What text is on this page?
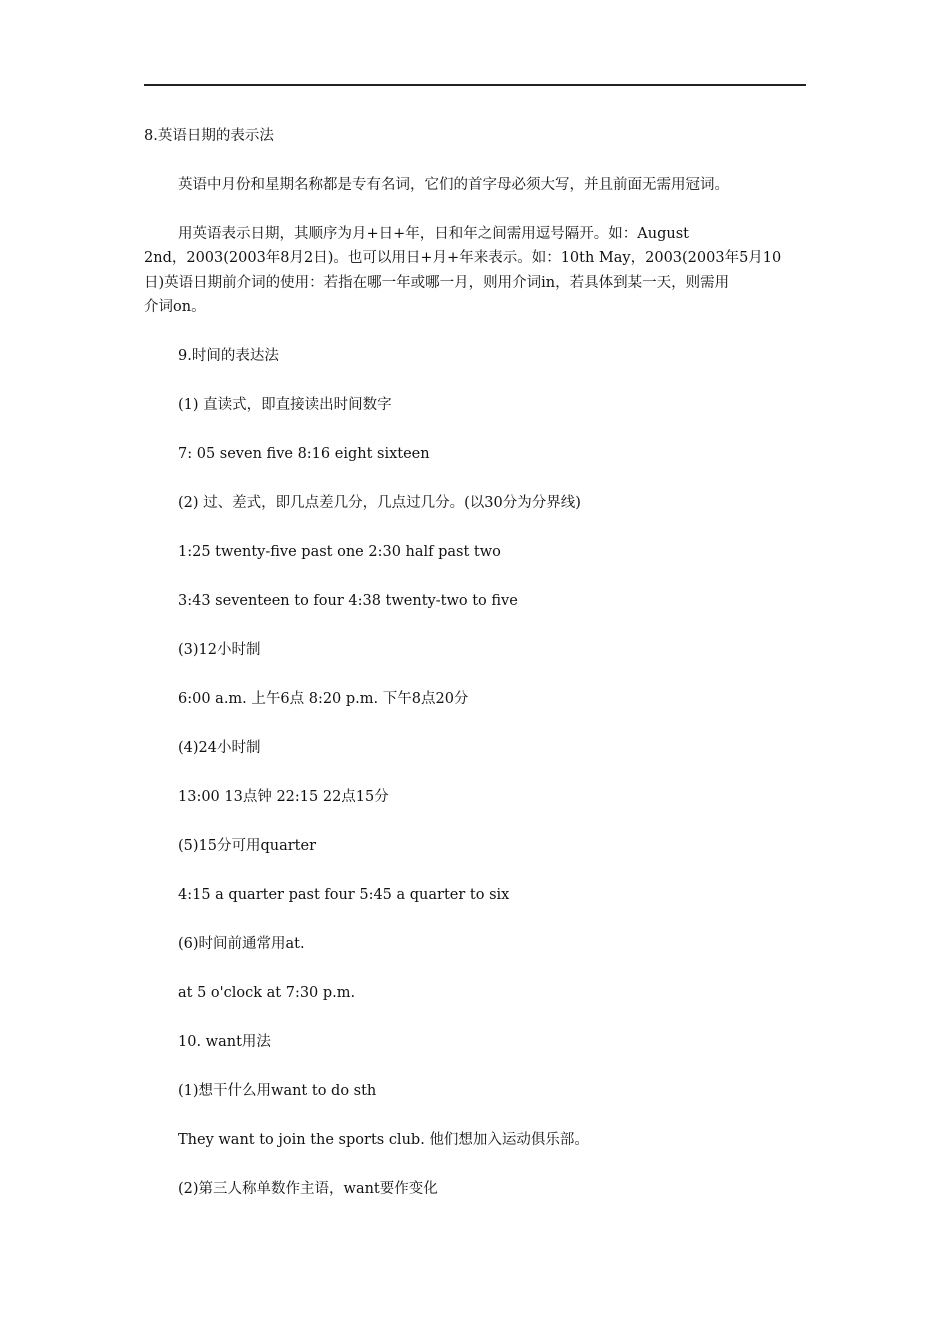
8.英语日期的表示法
英语中月份和星期名称都是专有名词，它们的首字母必须大写，并且前面无需用冠词。
用英语表示日期，其顺序为月+日+年，日和年之间需用逗号隔开。如：August
2nd，2003(2003年8月2日)。也可以用日+月+年来表示。如：10th May，2003(2003年5月10
日)英语日期前介词的使用：若指在哪一年或哪一月，则用介词in，若具体到某一天，则需用
介词on。
9.时间的表达法
(1) 直读式，即直接读出时间数字
7: 05 seven five 8:16 eight sixteen
(2) 过、差式，即几点差几分，几点过几分。(以30分为分界线)
1:25 twenty-five past one 2:30 half past two
3:43 seventeen to four 4:38 twenty-two to five
(3)12小时制
6:00 a.m. 上午6点 8:20 p.m. 下午8点20分
(4)24小时制
13:00 13点钟 22:15 22点15分
(5)15分可用quarter
4:15 a quarter past four 5:45 a quarter to six
(6)时间前通常用at.
at 5 o'clock at 7:30 p.m.
10. want用法
(1)想干什么用want to do sth
They want to join the sports club. 他们想加入运动俱乐部。
(2)第三人称单数作主语，want要作变化
